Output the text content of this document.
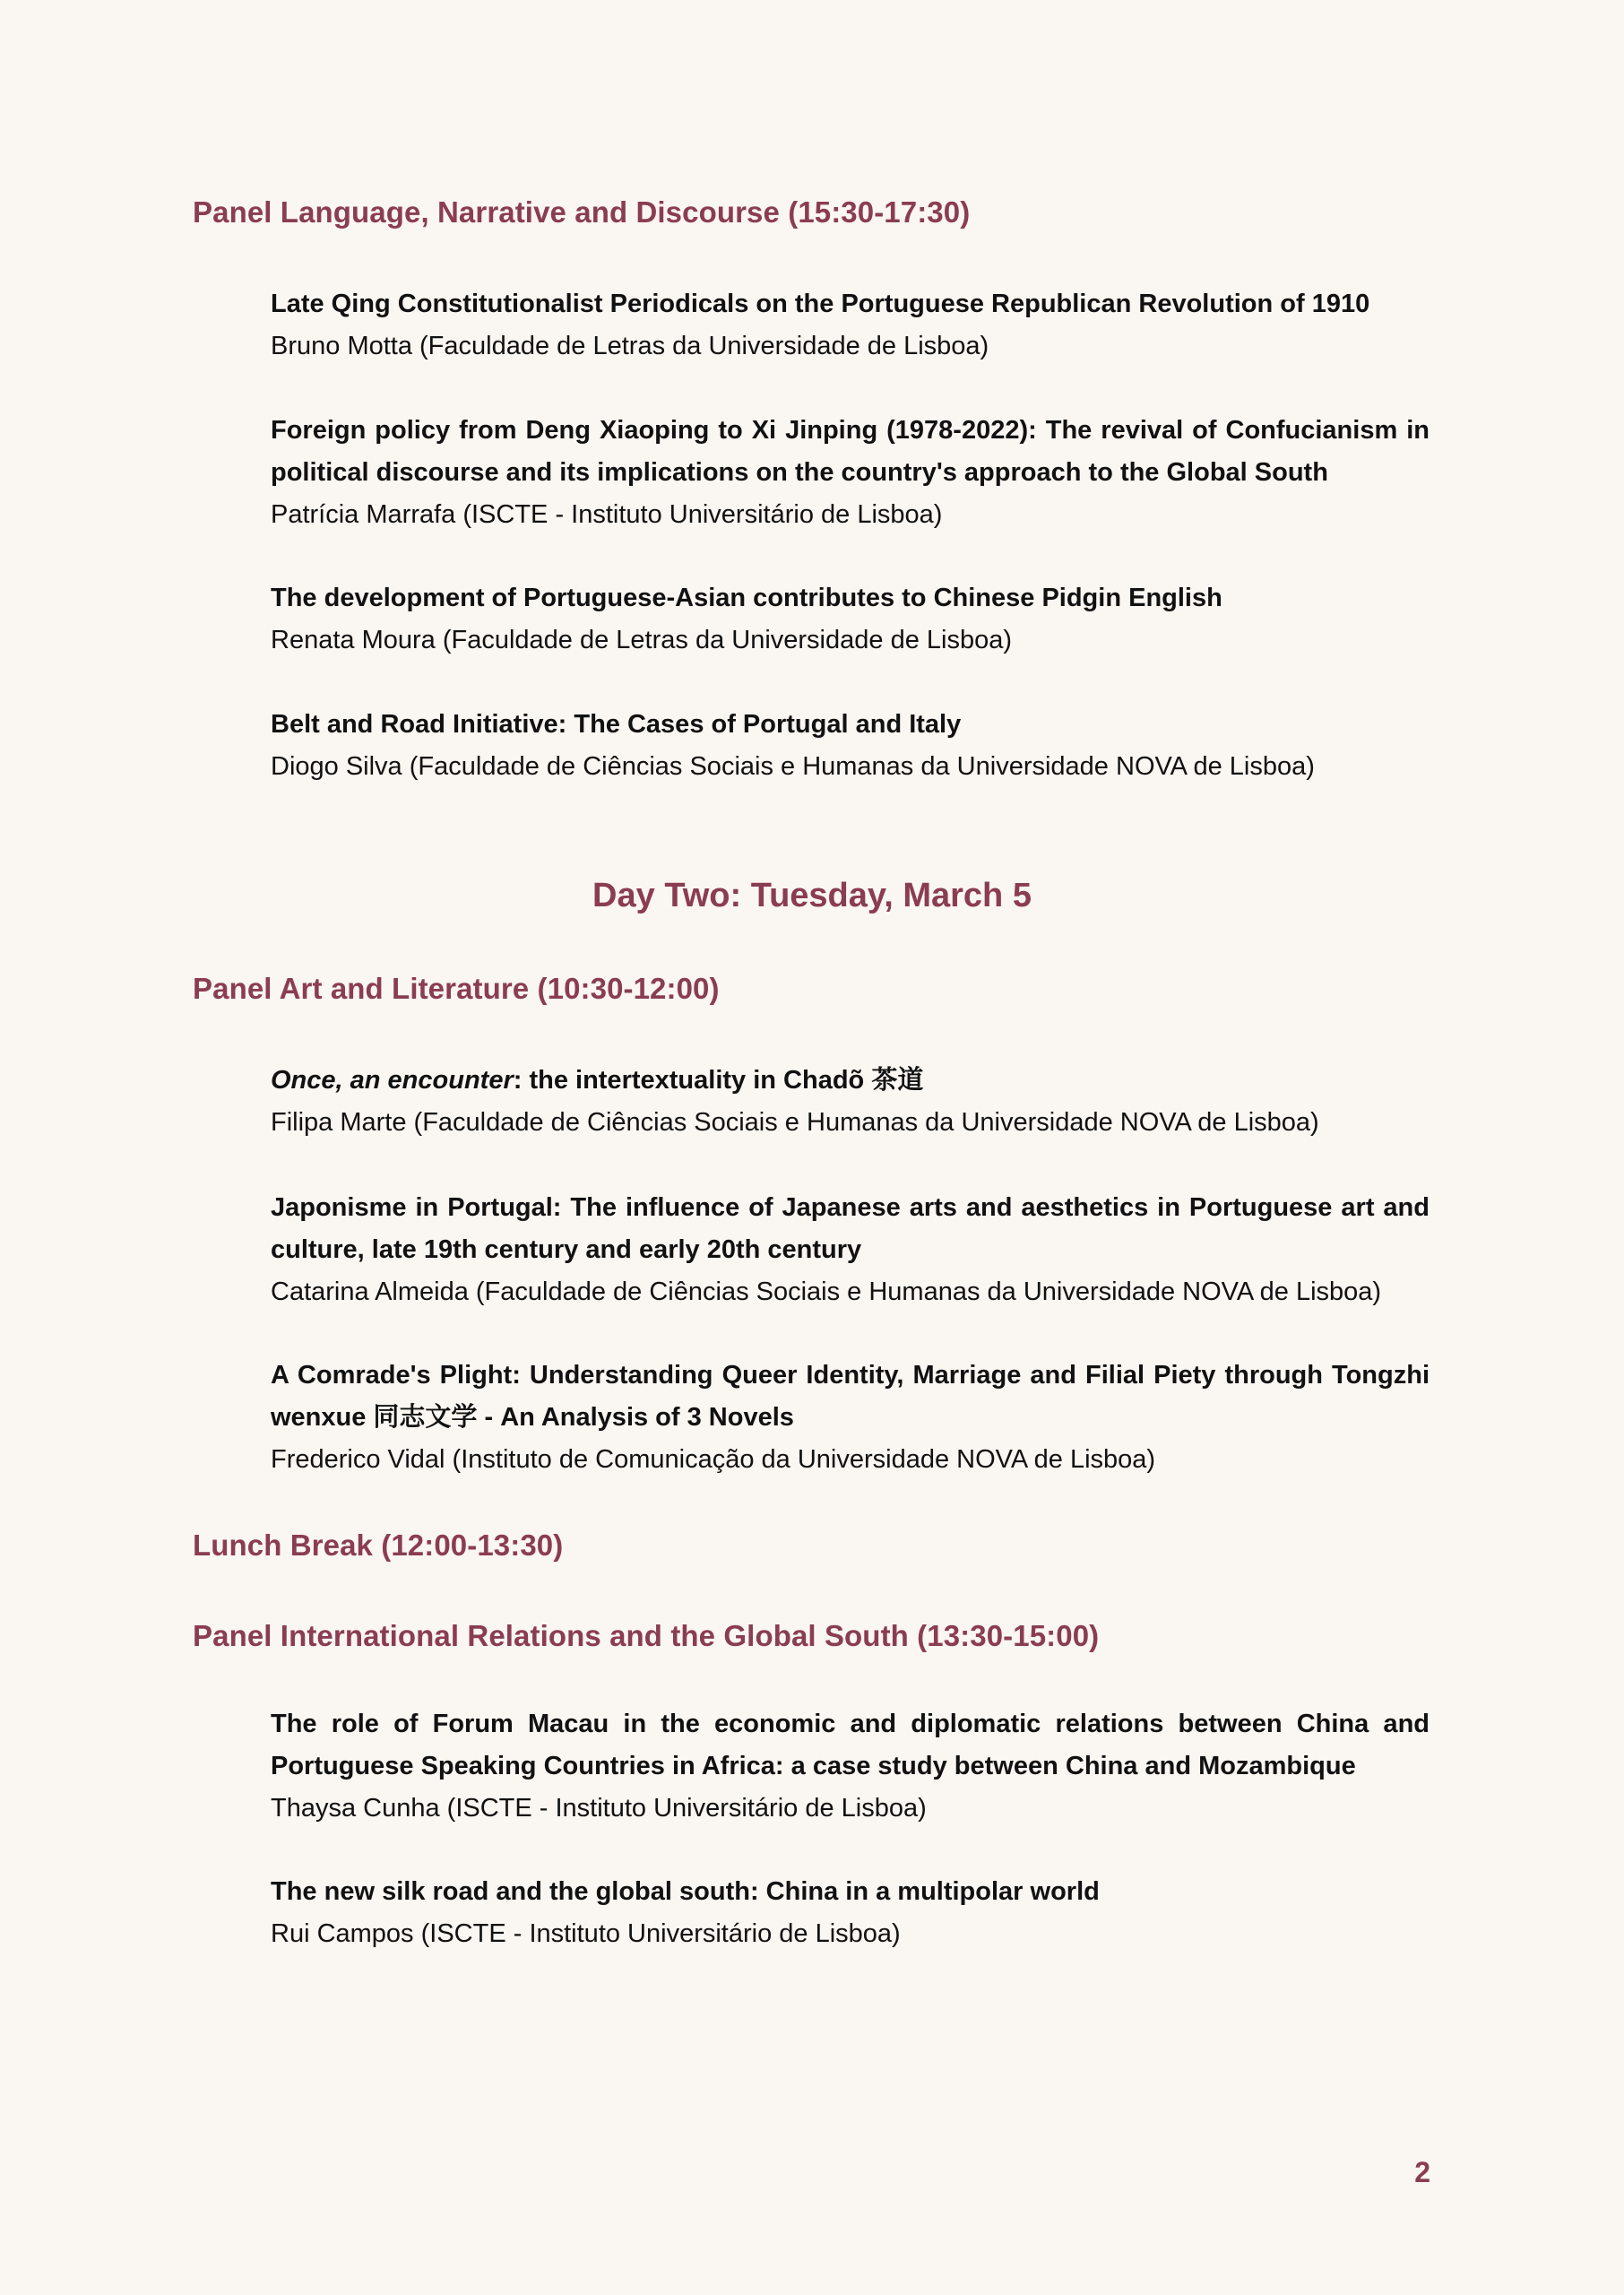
Panel Language, Narrative and Discourse (15:30-17:30)
Late Qing Constitutionalist Periodicals on the Portuguese Republican Revolution of 1910
Bruno Motta (Faculdade de Letras da Universidade de Lisboa)
Foreign policy from Deng Xiaoping to Xi Jinping (1978-2022): The revival of Confucianism in political discourse and its implications on the country's approach to the Global South
Patrícia Marrafa (ISCTE - Instituto Universitário de Lisboa)
The development of Portuguese-Asian contributes to Chinese Pidgin English
Renata Moura (Faculdade de Letras da Universidade de Lisboa)
Belt and Road Initiative: The Cases of Portugal and Italy
Diogo Silva (Faculdade de Ciências Sociais e Humanas da Universidade NOVA de Lisboa)
Day Two: Tuesday, March 5
Panel Art and Literature (10:30-12:00)
Once, an encounter: the intertextuality in Chadõ 茶道
Filipa Marte (Faculdade de Ciências Sociais e Humanas da Universidade NOVA de Lisboa)
Japonisme in Portugal: The influence of Japanese arts and aesthetics in Portuguese art and culture, late 19th century and early 20th century
Catarina Almeida (Faculdade de Ciências Sociais e Humanas da Universidade NOVA de Lisboa)
A Comrade's Plight: Understanding Queer Identity, Marriage and Filial Piety through Tongzhi wenxue 同志文学 - An Analysis of 3 Novels
Frederico Vidal (Instituto de Comunicação da Universidade NOVA de Lisboa)
Lunch Break (12:00-13:30)
Panel International Relations and the Global South (13:30-15:00)
The role of Forum Macau in the economic and diplomatic relations between China and Portuguese Speaking Countries in Africa: a case study between China and Mozambique
Thaysa Cunha (ISCTE - Instituto Universitário de Lisboa)
The new silk road and the global south: China in a multipolar world
Rui Campos (ISCTE - Instituto Universitário de Lisboa)
2
